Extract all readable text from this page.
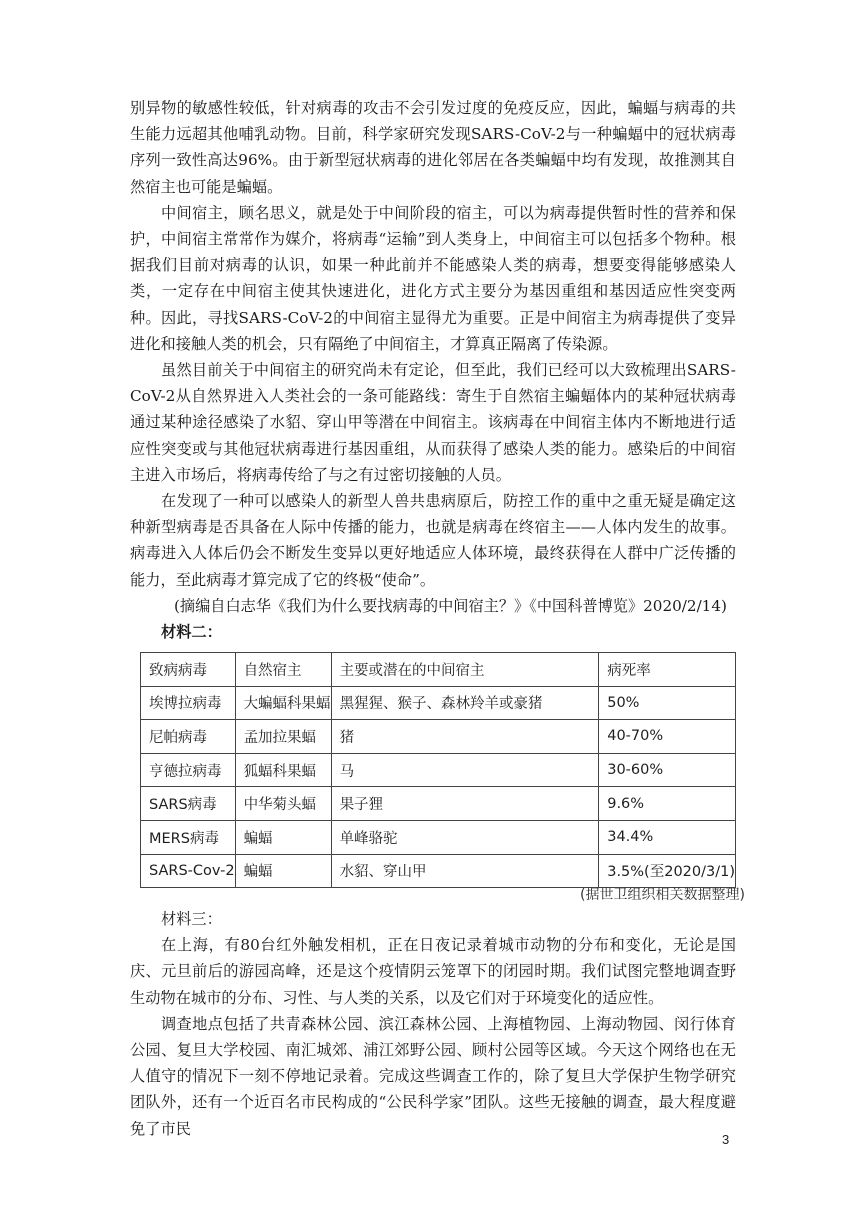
别异物的敏感性较低，针对病毒的攻击不会引发过度的免疫反应，因此，蝙蝠与病毒的共生能力远超其他哺乳动物。目前，科学家研究发现SARS-CoV-2与一种蝙蝠中的冠状病毒序列一致性高达96%。由于新型冠状病毒的进化邻居在各类蝙蝠中均有发现，故推测其自然宿主也可能是蝙蝠。

中间宿主，顾名思义，就是处于中间阶段的宿主，可以为病毒提供暂时性的营养和保护，中间宿主常常作为媒介，将病毒“运输”到人类身上，中间宿主可以包括多个物种。根据我们目前对病毒的认识，如果一种此前并不能感染人类的病毒，想要变得能够感染人类，一定存在中间宿主使其快速进化，进化方式主要分为基因重组和基因适应性突变两种。因此，寻找SARS-CoV-2的中间宿主显得尤为重要。正是中间宿主为病毒提供了变异进化和接触人类的机会，只有隔绝了中间宿主，才算真正隔离了传染源。

虽然目前关于中间宿主的研究尚未有定论，但至此，我们已经可以大致梳理出SARS-CoV-2从自然界进入人类社会的一条可能路线：寄生于自然宿主蝙蝠体内的某种冠状病毒通过某种途径感染了水貂、穿山甲等潜在中间宿主。该病毒在中间宿主体内不断地进行适应性突变或与其他冠状病毒进行基因重组，从而获得了感染人类的能力。感染后的中间宿主进入市场后，将病毒传给了与之有过密切接触的人员。

在发现了一种可以感染人的新型人兽共患病原后，防控工作的重中之重无疑是确定这种新型病毒是否具备在人际中传播的能力，也就是病毒在终宿主——人体内发生的故事。病毒进入人体后仍会不断发生变异以更好地适应人体环境，最终获得在人群中广泛传播的能力，至此病毒才算完成了它的终极“使命”。

(摘编自白志华《我们为什么要找病毒的中间宿主？》《中国科普博览》2020/2/14)

材料二：

致病病毒	自然宿主	主要或潜在的中间宿主	病死率
埃博拉病毒	大蝙蝠科果蝠	黑猩猩、猴子、森林羚羊或豪猪	50%
尼帕病毒	孟加拉果蝠	猪	40-70%
亨德拉病毒	狐蝠科果蝠	马	30-60%
SARS病毒	中华菊头蝠	果子狸	9.6%
MERS病毒	蝙蝠	单峰骆驼	34.4%
SARS-Cov-2	蝙蝠	水貂、穿山甲	3.5%(至2020/3/1)
(据世卫组织相关数据整理)

材料三：

在上海，有80台红外触发相机，正在日夜记录着城市动物的分布和变化，无论是国庆、元旦前后的游园高峰，还是这个疫情阴云笼罩下的闭园时期。我们试图完整地调查野生动物在城市的分布、习性、与人类的关系，以及它们对于环境变化的适应性。

调查地点包括了共青森林公园、滨江森林公园、上海植物园、上海动物园、闵行体育公园、复旦大学校园、南汇城郊、浦江郊野公园、顾村公园等区域。今天这个网络也在无人值守的情况下一刻不停地记录着。完成这些调查工作的，除了复旦大学保护生物学研究团队外，还有一个近百名市民构成的“公民科学家”团队。这些无接触的调查，最大程度避免了市民

3
